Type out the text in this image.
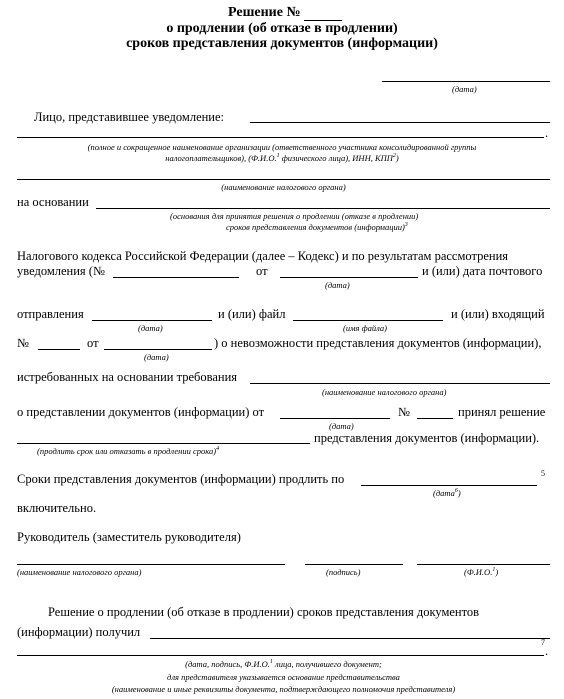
Решение №
о продлении (об отказе в продлении)
сроков представления документов (информации)
(дата)
Лицо, представившее уведомление:
.
(полное и сокращенное наименование организации (ответственного участника консолидированной группы
налогоплательщиков), (Ф.И.О.$^1$ физического лица), ИНН, КПП$^2$)
(наименование налогового органа)
на основании
(основания для принятия решения о продлении (отказе в продлении)
сроков представления документов (информации)$^3$
Налогового кодекса Российской Федерации (далее – Кодекс) и по результатам рассмотрения
уведомления (№	от	и (или) дата почтового
(дата)
отправления	и (или) файл	и (или) входящий
(дата)	(имя файла)
№	от	) о невозможности представления документов (информации),
(дата)
истребованных на основании требования
(наименование налогового органа)
о представлении документов (информации) от	№	принял решение
(дата)
представления документов (информации).
(продлить срок или отказать в продлении срока)$^4$
Сроки представления документов (информации) продлить по	5
(дата$^6$)
включительно.
Руководитель (заместитель руководителя)
(наименование налогового органа)	(подпись)	(Ф.И.О.$^1$)
Решение о продлении (об отказе в продлении) сроков представления документов
(информации) получил
7
.
(дата, подпись, Ф.И.О.$^1$ лица, получившего документ;
для представителя указывается основание представительства
(наименование и иные реквизиты документа, подтверждающего полномочия представителя)
